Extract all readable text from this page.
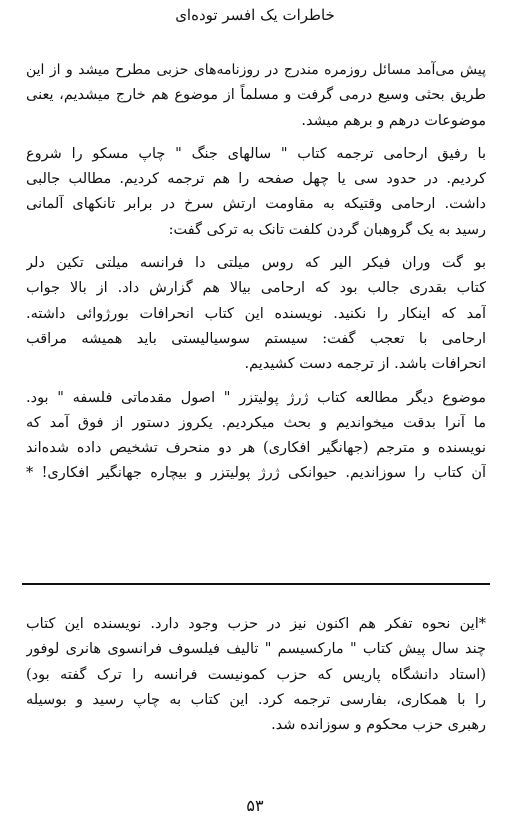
خاطرات یک افسر توده‌ای
پیش می‌آمد مسائل روزمره مندرج در روزنامه‌های حزبی مطرح میشد و از این
طریق بحثی وسیع درمی گرفت و مسلماً از موضوع هم خارج میشدیم، یعنی
موضوعات درهم و برهم میشد.
با رفیق ارحامی ترجمه کتاب " سالهای جنگ " چاپ مسکو را شروع
کردیم. در حدود سی یا چهل صفحه را هم ترجمه کردیم. مطالب جالبی
داشت. ارحامی وقتیکه به مقاومت ارتش سرخ در برابر تانکهای آلمانی
رسید به یک گروهبان گردن کلفت تانک به ترکی گفت:
بو گت وران فیکر الیر که روس میلتی دا فرانسه میلتی تکین دلر
کتاب بقدری جالب بود که ارحامی بیالا هم گزارش داد. از بالا جواب
آمد که اینکار را نکنید. نویسنده این کتاب انحرافات بورژوائی داشته.
ارحامی با تعجب گفت: سیستم سوسیالیستی باید همیشه مراقب
انحرافات باشد. از ترجمه دست کشیدیم.
موضوع دیگر مطالعه کتاب ژرژ پولیتزر " اصول مقدماتی فلسفه " بود.
ما آنرا بدقت میخواندیم و بحث میکردیم. یکروز دستور از فوق آمد که
نویسنده و مترجم (جهانگیر افکاری) هر دو منحرف تشخیص داده شده‌اند
آن کتاب را سوزاندیم. حیوانکی ژرژ پولیتزر و بیچاره جهانگیر افکاری! *
*این نحوه تفکر هم اکنون نیز در حزب وجود دارد. نویسنده این کتاب
چند سال پیش کتاب " مارکسیسم " تالیف فیلسوف فرانسوی هانری لوفور
(استاد دانشگاه پاریس که حزب کمونیست فرانسه را ترک گفته بود)
را با همکاری، بفارسی ترجمه کرد. این کتاب به چاپ رسید و بوسیله
رهبری حزب محکوم و سوزانده شد.
۵۳
